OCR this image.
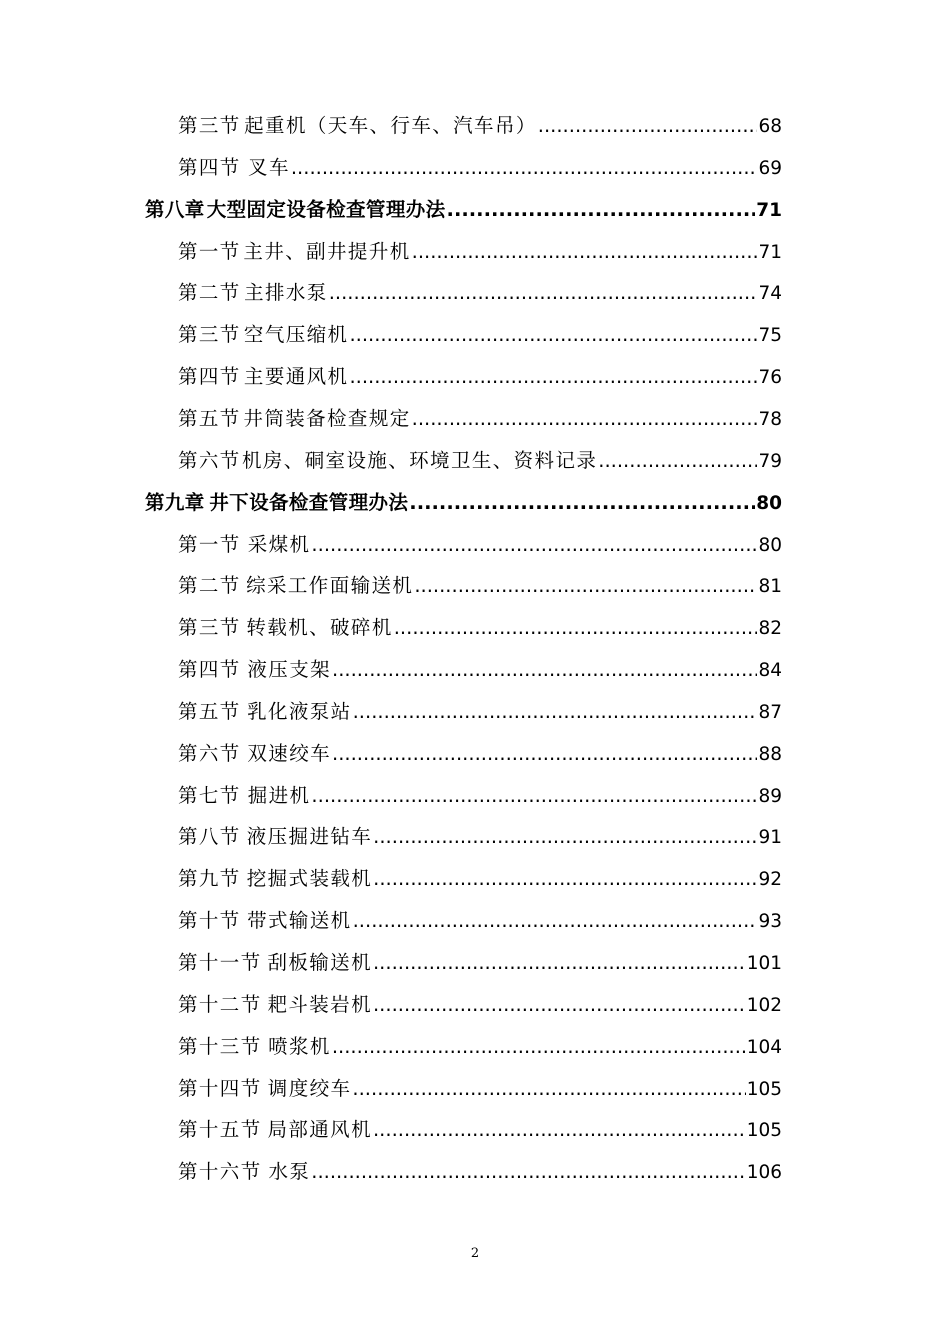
第三节 起重机（天车、行车、汽车吊） .....	68
第四节 叉车 .....	69
第八章 大型固定设备检查管理办法 .....	71
第一节 主井、副井提升机 .....	71
第二节 主排水泵 .....	74
第三节 空气压缩机 .....	75
第四节 主要通风机 .....	76
第五节 井筒装备检查规定 .....	78
第六节 机房、硐室设施、环境卫生、资料记录 .....	79
第九章 井下设备检查管理办法 .....	80
第一节 采煤机 .....	80
第二节 综采工作面输送机 .....	81
第三节 转载机、破碎机 .....	82
第四节 液压支架 .....	84
第五节 乳化液泵站 .....	87
第六节 双速绞车 .....	88
第七节 掘进机 .....	89
第八节 液压掘进钻车 .....	91
第九节 挖掘式装载机 .....	92
第十节 带式输送机 .....	93
第十一节 刮板输送机 .....	101
第十二节 耙斗装岩机 .....	102
第十三节 喷浆机 .....	104
第十四节 调度绞车 .....	105
第十五节 局部通风机 .....	105
第十六节 水泵 .....	106
2
